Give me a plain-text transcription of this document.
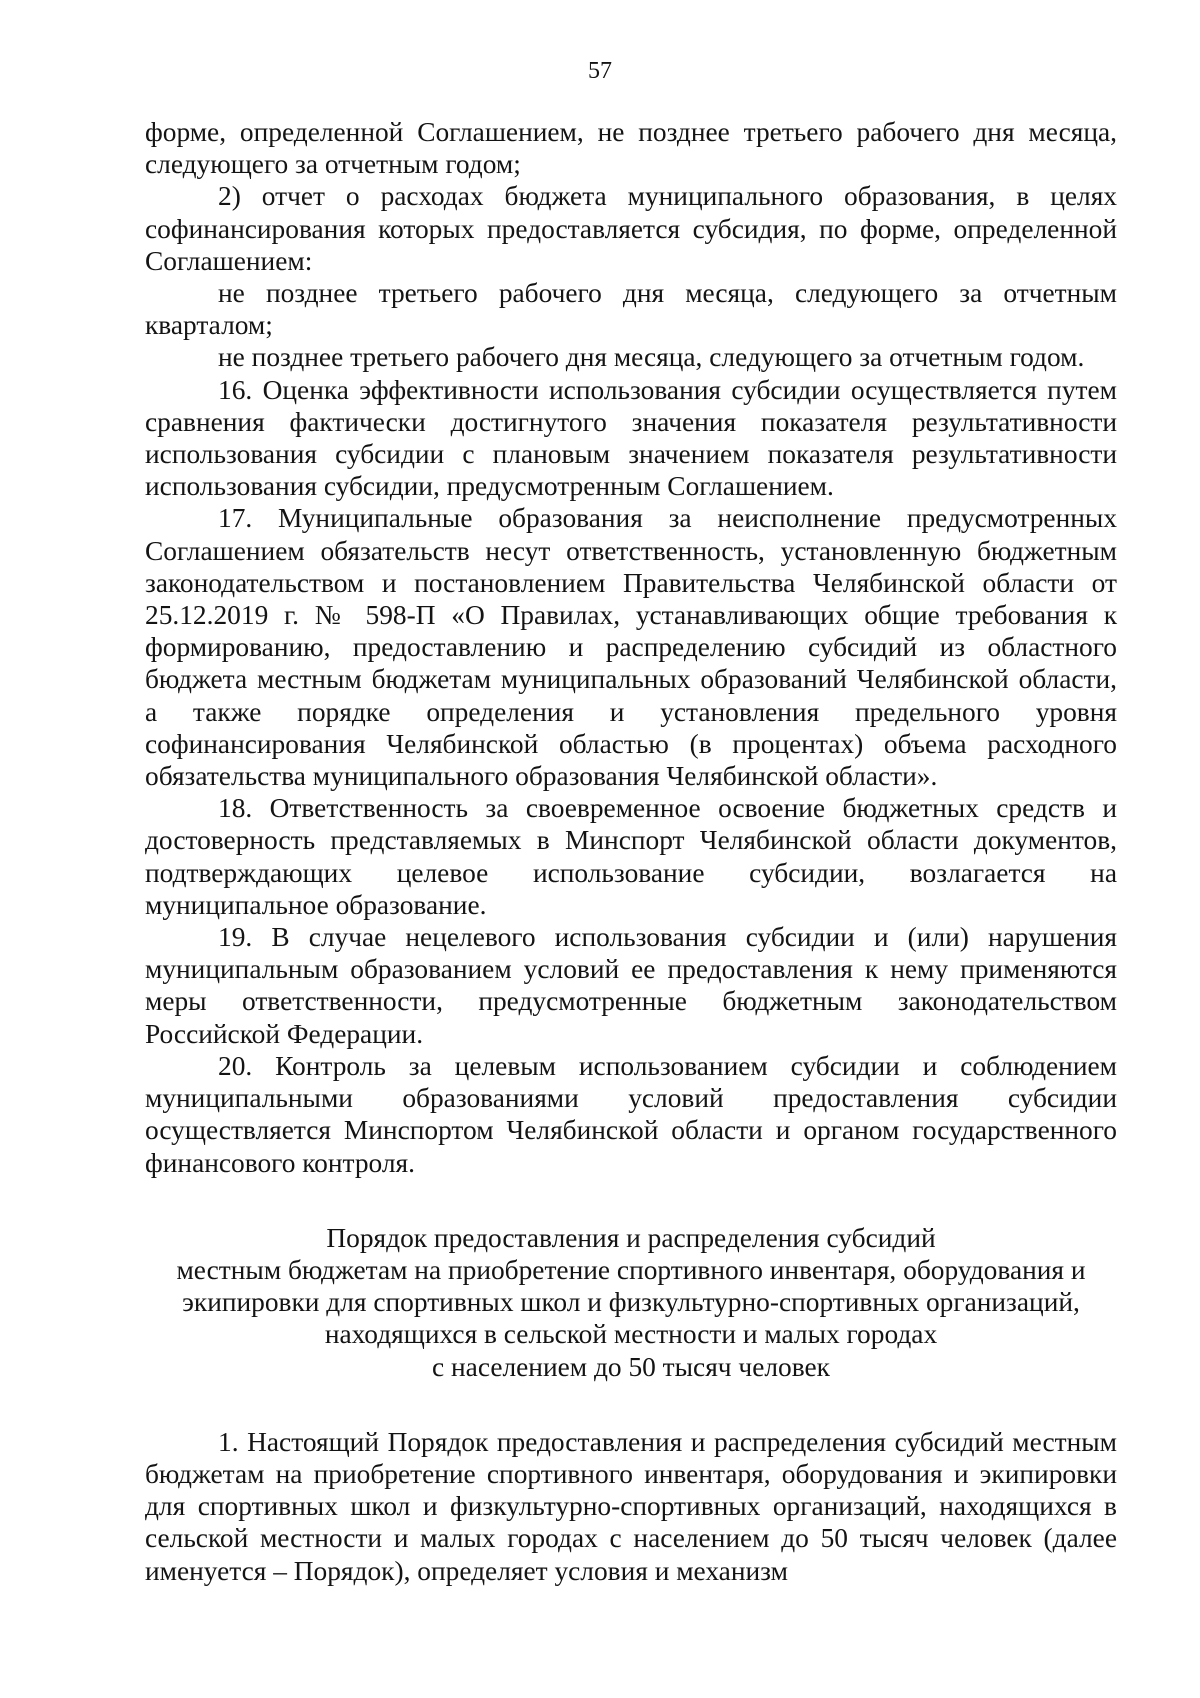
57

форме, определенной Соглашением, не позднее третьего рабочего дня месяца, следующего за отчетным годом;

2) отчет о расходах бюджета муниципального образования, в целях софинансирования которых предоставляется субсидия, по форме, определенной Соглашением:

не позднее третьего рабочего дня месяца, следующего за отчетным кварталом;

не позднее третьего рабочего дня месяца, следующего за отчетным годом.

16. Оценка эффективности использования субсидии осуществляется путем сравнения фактически достигнутого значения показателя результативности использования субсидии с плановым значением показателя результативности использования субсидии, предусмотренным Соглашением.

17. Муниципальные образования за неисполнение предусмотренных Соглашением обязательств несут ответственность, установленную бюджетным законодательством и постановлением Правительства Челябинской области от 25.12.2019 г. № 598-П «О Правилах, устанавливающих общие требования к формированию, предоставлению и распределению субсидий из областного бюджета местным бюджетам муниципальных образований Челябинской области, а также порядке определения и установления предельного уровня софинансирования Челябинской областью (в процентах) объема расходного обязательства муниципального образования Челябинской области».

18. Ответственность за своевременное освоение бюджетных средств и достоверность представляемых в Минспорт Челябинской области документов, подтверждающих целевое использование субсидии, возлагается на муниципальное образование.

19. В случае нецелевого использования субсидии и (или) нарушения муниципальным образованием условий ее предоставления к нему применяются меры ответственности, предусмотренные бюджетным законодательством Российской Федерации.

20. Контроль за целевым использованием субсидии и соблюдением муниципальными образованиями условий предоставления субсидии осуществляется Минспортом Челябинской области и органом государственного финансового контроля.

Порядок предоставления и распределения субсидий
местным бюджетам на приобретение спортивного инвентаря, оборудования и
экипировки для спортивных школ и физкультурно-спортивных организаций,
находящихся в сельской местности и малых городах
с населением до 50 тысяч человек

1. Настоящий Порядок предоставления и распределения субсидий местным бюджетам на приобретение спортивного инвентаря, оборудования и экипировки для спортивных школ и физкультурно-спортивных организаций, находящихся в сельской местности и малых городах с населением до 50 тысяч человек (далее именуется – Порядок), определяет условия и механизм
